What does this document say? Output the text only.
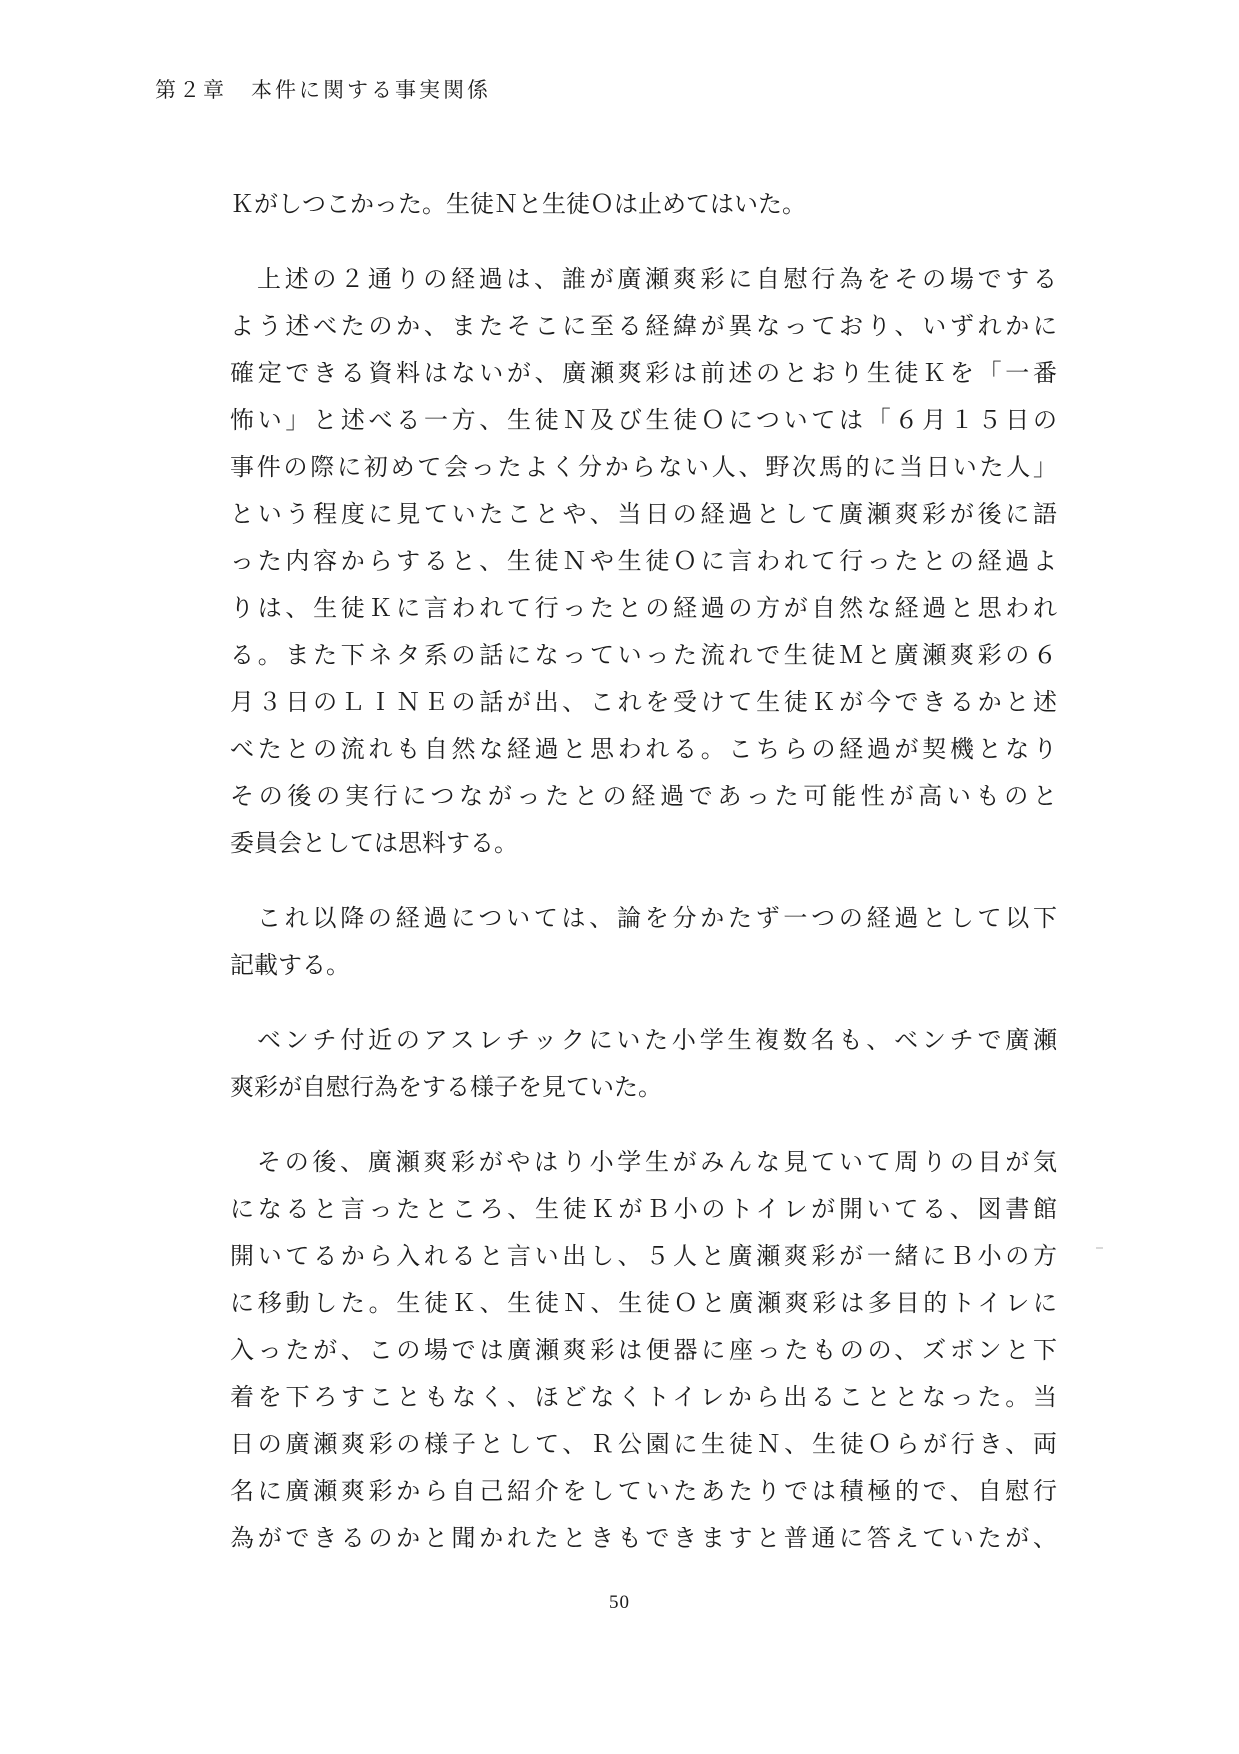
第２章　本件に関する事実関係
Ｋがしつこかった。生徒Ｎと生徒Ｏは止めてはいた。
上述の２通りの経過は、誰が廣瀬爽彩に自慰行為をその場でする
よう述べたのか、またそこに至る経緯が異なっており、いずれかに
確定できる資料はないが、廣瀬爽彩は前述のとおり生徒Ｋを「一番
怖い」と述べる一方、生徒Ｎ及び生徒Ｏについては「６月１５日の
事件の際に初めて会ったよく分からない人、野次馬的に当日いた人」
という程度に見ていたことや、当日の経過として廣瀬爽彩が後に語
った内容からすると、生徒Ｎや生徒Ｏに言われて行ったとの経過よ
りは、生徒Ｋに言われて行ったとの経過の方が自然な経過と思われ
る。また下ネタ系の話になっていった流れで生徒Ｍと廣瀬爽彩の６
月３日のＬＩＮＥの話が出、これを受けて生徒Ｋが今できるかと述
べたとの流れも自然な経過と思われる。こちらの経過が契機となり
その後の実行につながったとの経過であった可能性が高いものと
委員会としては思料する。
これ以降の経過については、論を分かたず一つの経過として以下
記載する。
ベンチ付近のアスレチックにいた小学生複数名も、ベンチで廣瀬
爽彩が自慰行為をする様子を見ていた。
その後、廣瀬爽彩がやはり小学生がみんな見ていて周りの目が気
になると言ったところ、生徒ＫがＢ小のトイレが開いてる、図書館
開いてるから入れると言い出し、５人と廣瀬爽彩が一緒にＢ小の方
に移動した。生徒Ｋ、生徒Ｎ、生徒Ｏと廣瀬爽彩は多目的トイレに
入ったが、この場では廣瀬爽彩は便器に座ったものの、ズボンと下
着を下ろすこともなく、ほどなくトイレから出ることとなった。当
日の廣瀬爽彩の様子として、Ｒ公園に生徒Ｎ、生徒Ｏらが行き、両
名に廣瀬爽彩から自己紹介をしていたあたりでは積極的で、自慰行
為ができるのかと聞かれたときもできますと普通に答えていたが、
50
